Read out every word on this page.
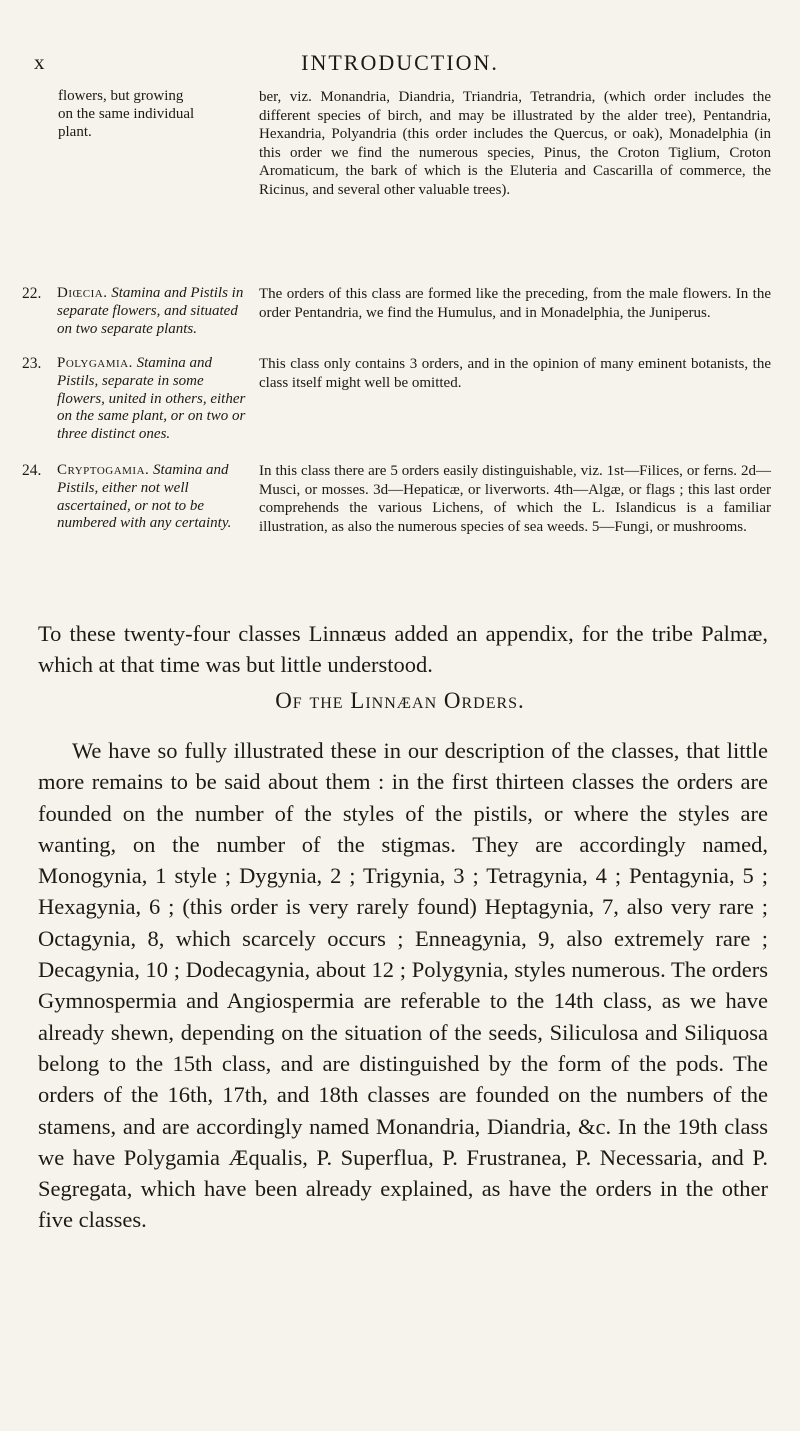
x	INTRODUCTION.
flowers, but growing on the same individual plant.
ber, viz. Monandria, Diandria, Triandria, Tetrandria, (which order includes the different species of birch, and may be illustrated by the alder tree), Pentandria, Hexandria, Polyandria (this order includes the Quercus, or oak), Monadelphia (in this order we find the numerous species, Pinus, the Croton Tiglium, Croton Aromaticum, the bark of which is the Eluteria and Cascarilla of commerce, the Ricinus, and several other valuable trees).
22. Diœcia. Stamina and Pistils in separate flowers, and situated on two separate plants.
The orders of this class are formed like the preceding, from the male flowers. In the order Pentandria, we find the Humulus, and in Monadelphia, the Juniperus.
23. Polygamia. Stamina and Pistils, separate in some flowers, united in others, either on the same plant, or on two or three distinct ones.
This class only contains 3 orders, and in the opinion of many eminent botanists, the class itself might well be omitted.
24. Cryptogamia. Stamina and Pistils, either not well ascertained, or not to be numbered with any certainty.
In this class there are 5 orders easily distinguishable, viz. 1st—Filices, or ferns. 2d—Musci, or mosses. 3d—Hepaticæ, or liverworts. 4th—Algæ, or flags ; this last order comprehends the various Lichens, of which the L. Islandicus is a familiar illustration, as also the numerous species of sea weeds. 5—Fungi, or mushrooms.
To these twenty-four classes Linnæus added an appendix, for the tribe Palmæ, which at that time was but little understood.
Of the Linnæan Orders.
We have so fully illustrated these in our description of the classes, that little more remains to be said about them : in the first thirteen classes the orders are founded on the number of the styles of the pistils, or where the styles are wanting, on the number of the stigmas. They are accordingly named, Monogynia, 1 style ; Dygynia, 2 ; Trigynia, 3 ; Tetragynia, 4 ; Pentagynia, 5 ; Hexagynia, 6 ; (this order is very rarely found) Heptagynia, 7, also very rare ; Octagynia, 8, which scarcely occurs ; Enneagynia, 9, also extremely rare ; Decagynia, 10 ; Dodecagynia, about 12 ; Polygynia, styles numerous. The orders Gymnospermia and Angiospermia are referable to the 14th class, as we have already shewn, depending on the situation of the seeds, Siliculosa and Siliquosa belong to the 15th class, and are distinguished by the form of the pods. The orders of the 16th, 17th, and 18th classes are founded on the numbers of the stamens, and are accordingly named Monandria, Diandria, &c. In the 19th class we have Polygamia Æqualis, P. Superflua, P. Frustranea, P. Necessaria, and P. Segregata, which have been already explained, as have the orders in the other five classes.
